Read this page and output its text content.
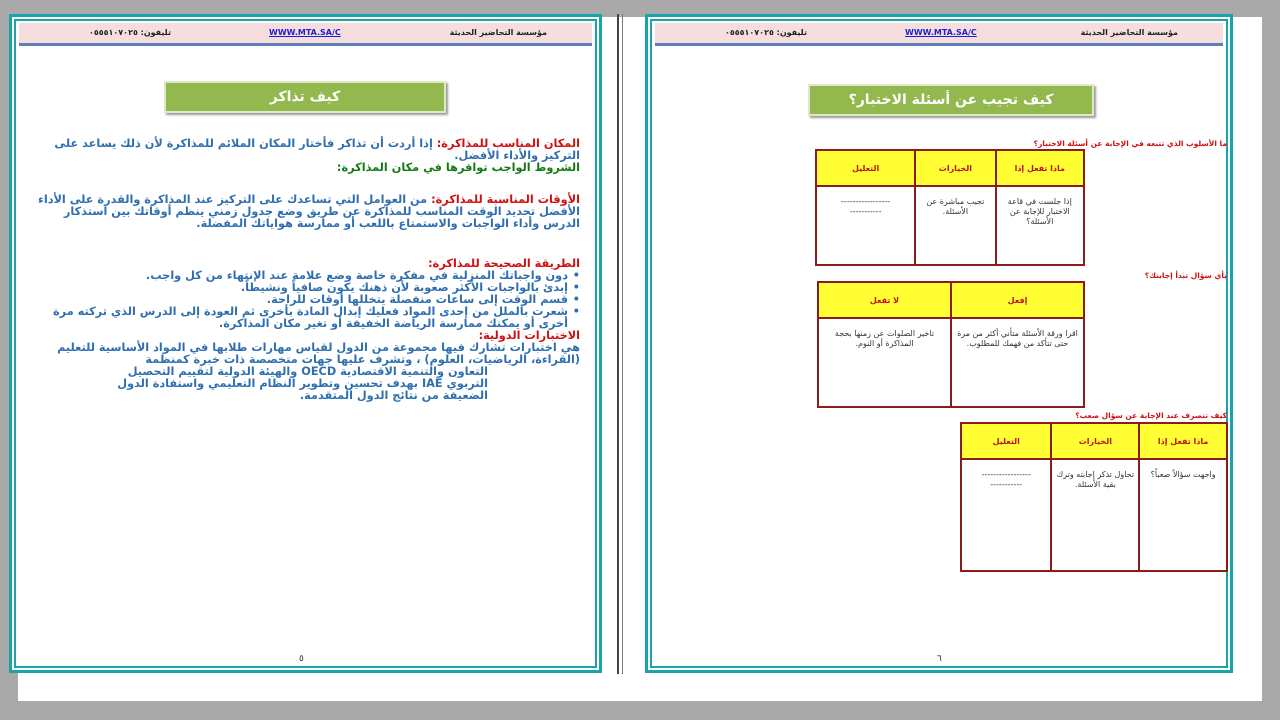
مؤسسة التحاضير الحديثة
WWW.MTA.SA/C
تليفون: ٠٥٥٥١٠٧٠٢٥
كيف تذاكر
المكان المناسب للمذاكرة: إذا أردت أن تذاكر فأختار المكان الملائم للمذاكرة لأن ذلك يساعد على التركيز والأداء الأفضل.
الشروط الواجب توافرها في مكان المذاكرة:
الأوقات المناسبة للمذاكرة: من العوامل التي تساعدك على التركيز عند المذاكرة والقدرة على الأداء الأفضل تحديد الوقت المناسب للمذاكرة عن طريق وضع جدول زمني ينظم أوقاتك بين استذكار الدرس وأداء الواجبات والاستمتاع باللعب أو ممارسة هواياتك المفضلة.
الطريقة الصحيحة للمذاكرة:
• دون واجباتك المنزلية في مفكرة خاصة وضع علامة عند الإنتهاء من كل واجب.
• إبدئ بالواجبات الأكثر صعوبة لأن ذهنك يكون صافياً ونشيطاً.
• قسم الوقت إلى ساعات منفصلة يتخللها أوقات للراحة.
• شعرت بالملل من إحدى المواد فعليك إبدال المادة بأخرى ثم العودة إلى الدرس الذي تركته مرة أخرى أو يمكنك ممارسة الرياضة الخفيفة أو تغير مكان المذاكرة.
الاختبارات الدولية:
هي اختبارات تشارك فيها مجموعة من الدول لقياس مهارات طلابها في المواد الأساسية للتعليم (القراءة، الرياضيات، العلوم) ، وتشرف عليها جهات متخصصة ذات خبرة كمنظمة
التعاون والتنمية الاقتصادية OECD والهيئة الدولية لتقييم التحصيل التربوي IAE بهدف تحسين وتطوير النظام التعليمي واستفادة الدول الضعيفة من نتائج الدول المتقدمة.
٥
مؤسسة التحاضير الحديثة
WWW.MTA.SA/C
تليفون: ٠٥٥٥١٠٧٠٢٥
كيف تجيب عن أسئلة الاختبار؟
ما الأسلوب الذي تتبعه في الإجابة عن أسئلة الاختبار؟
ماذا تفعل إذا	الخيارات	التعليل
إذا جلست في قاعة الاختبار للإجابة عن الأسئلة؟	تجيب مباشرة عن الأسئلة.	-----------------
-----------
بأي سؤال تبدأ إجابتك؟
إفعل	لا تفعل
اقرا ورقة الأسئلة متأني أكثر من مرة حتى تتأكد من فهمك للمطلوب.	تاخير الصلوات عن زمنها بحجة المذاكرة أو النوم.
كيف تتصرف عند الإجابة عن سؤال صعب؟
ماذا تفعل إذا	الخيارات	التعليل
واجهت سؤالاً صعباً؟	تحاول تذكر إجابته وترك بقية الأسئلة.	-----------------
-----------
٦
